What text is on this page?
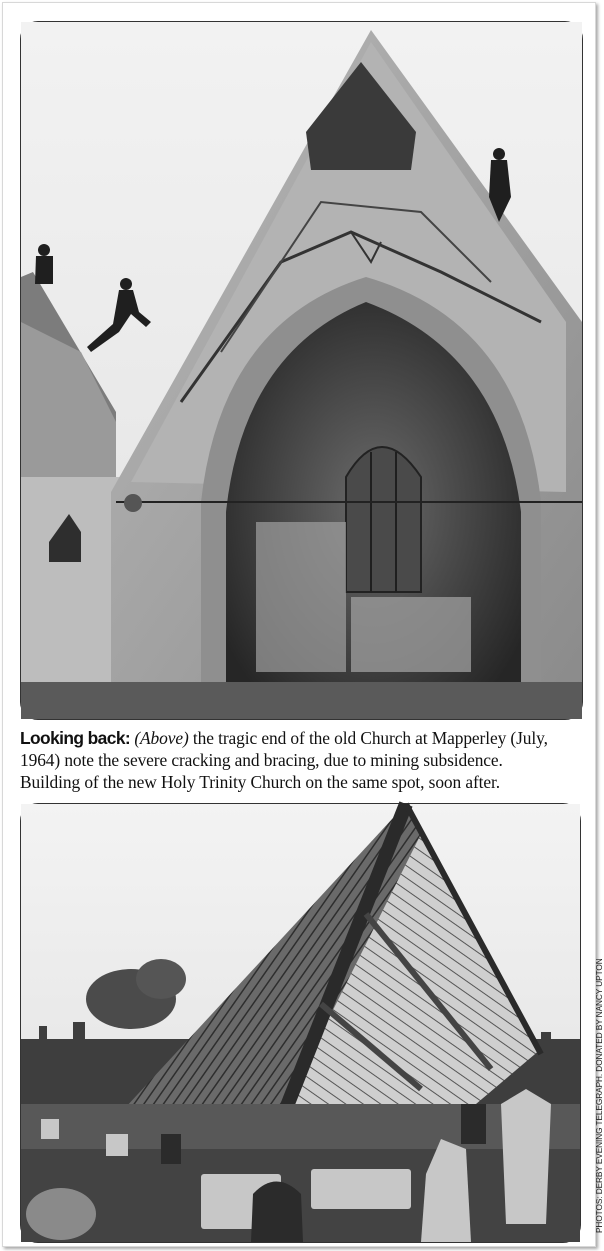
Looking back: (Above) the tragic end of the old Church at Mapperley (July,
1964) note the severe cracking and bracing, due to mining subsidence.
Building of the new Holy Trinity Church on the same spot, soon after.
PHOTOS: DERBY EVENING TELEGRAPH. DONATED BY NANCY UPTON
